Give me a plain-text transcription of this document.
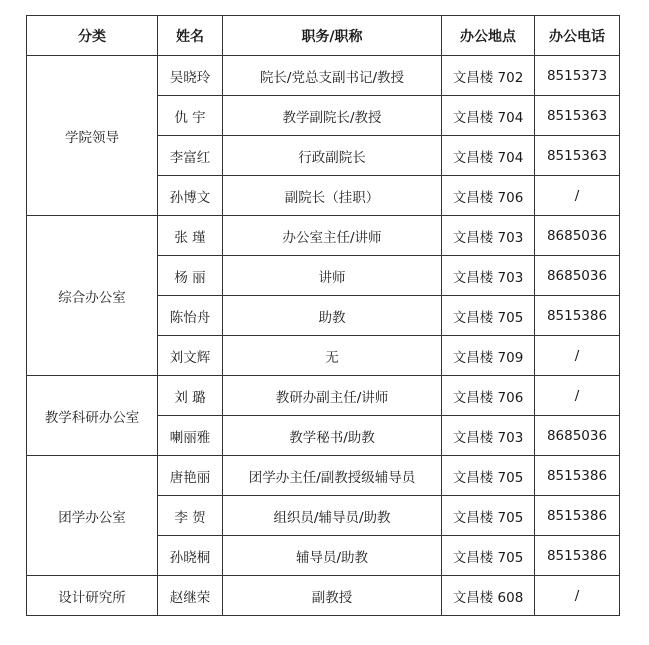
分类	姓名	职务/职称	办公地点	办公电话
学院领导	吴晓玲	院长/党总支副书记/教授	文昌楼 702	8515373
	仇 宇	教学副院长/教授	文昌楼 704	8515363
	李富红	行政副院长	文昌楼 704	8515363
	孙博文	副院长（挂职）	文昌楼 706	/
综合办公室	张 瑾	办公室主任/讲师	文昌楼 703	8685036
	杨 丽	讲师	文昌楼 703	8685036
	陈怡舟	助教	文昌楼 705	8515386
	刘文辉	无	文昌楼 709	/
教学科研办公室	刘 璐	教研办副主任/讲师	文昌楼 706	/
	喇丽雅	教学秘书/助教	文昌楼 703	8685036
团学办公室	唐艳丽	团学办主任/副教授级辅导员	文昌楼 705	8515386
	李 贺	组织员/辅导员/助教	文昌楼 705	8515386
	孙晓桐	辅导员/助教	文昌楼 705	8515386
设计研究所	赵继荣	副教授	文昌楼 608	/
